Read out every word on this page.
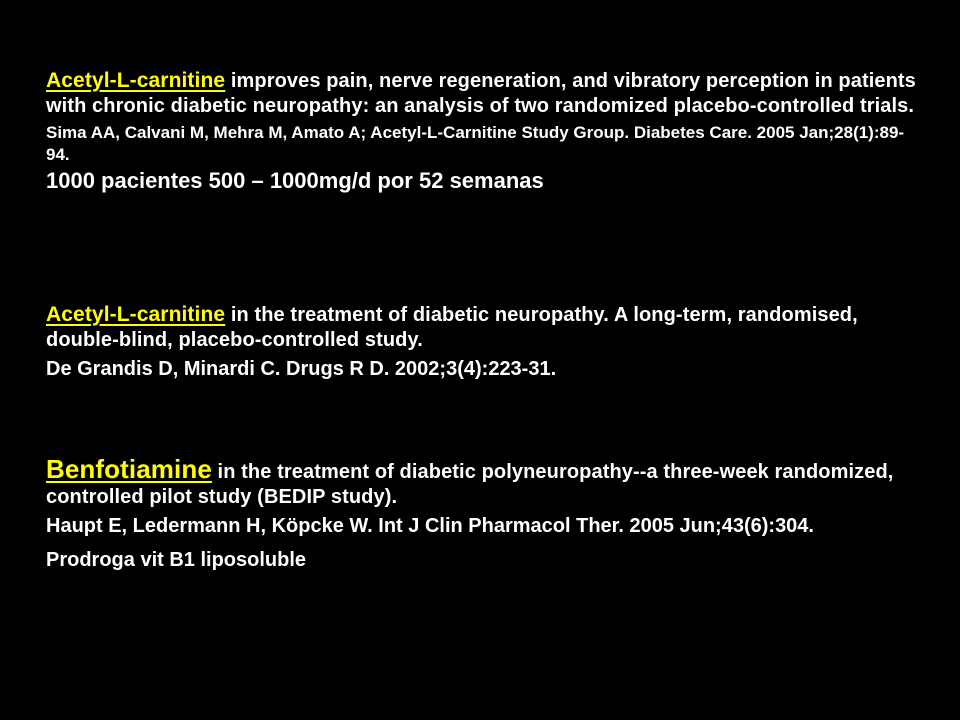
Acetyl-L-carnitine improves pain, nerve regeneration, and vibratory perception in patients with chronic diabetic neuropathy: an analysis of two randomized placebo-controlled trials.
Sima AA, Calvani M, Mehra M, Amato A; Acetyl-L-Carnitine Study Group. Diabetes Care. 2005 Jan;28(1):89-94.
1000 pacientes 500 – 1000mg/d por 52 semanas
Acetyl-L-carnitine in the treatment of diabetic neuropathy. A long-term, randomised, double-blind, placebo-controlled study.
De Grandis D, Minardi C. Drugs R D. 2002;3(4):223-31.
Benfotiamine in the treatment of diabetic polyneuropathy--a three-week randomized, controlled pilot study (BEDIP study).
Haupt E, Ledermann H, Köpcke W. Int J Clin Pharmacol Ther. 2005 Jun;43(6):304.
Prodroga vit B1 liposoluble
